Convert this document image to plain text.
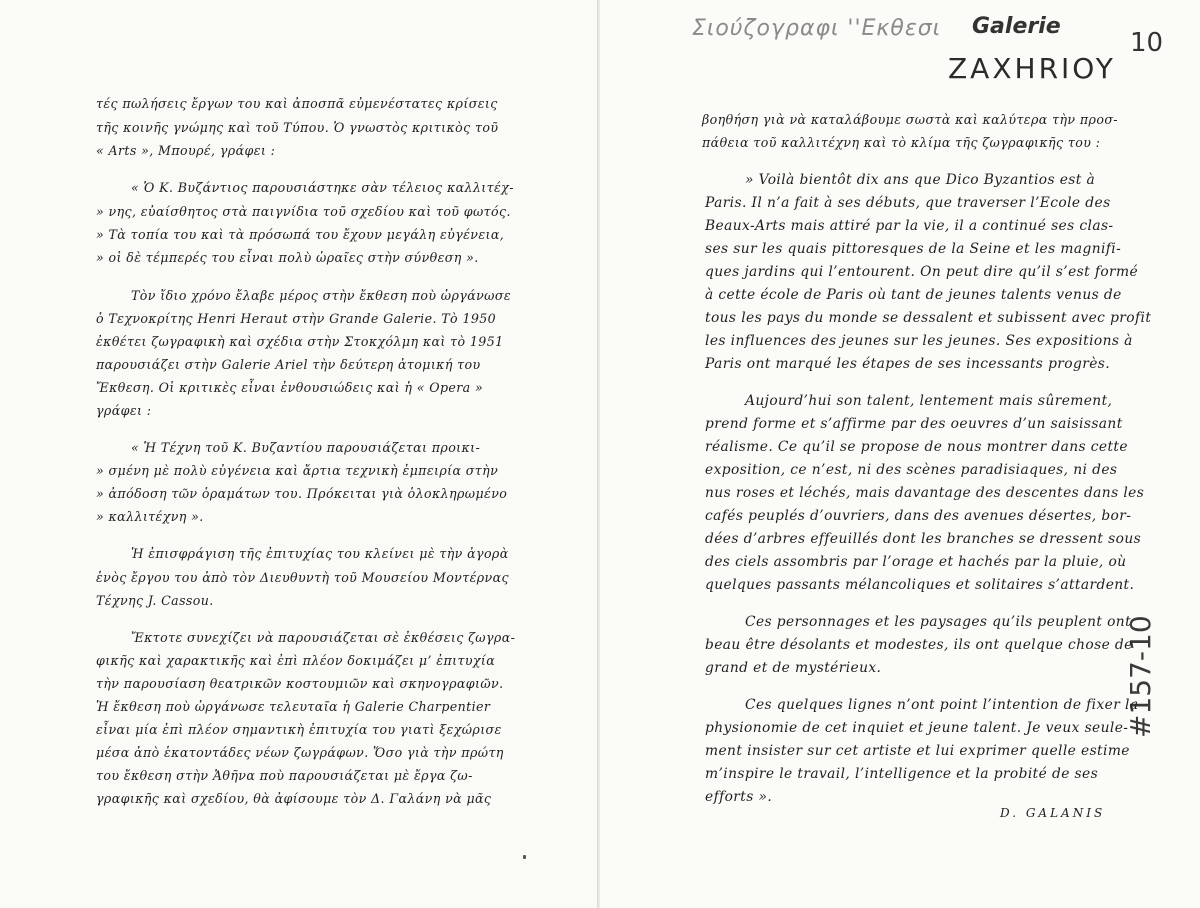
τές πωλήσεις ἔργων του καὶ ἀποσπᾶ εὐμενέστατες κρίσεις
τῆς κοινῆς γνώμης καὶ τοῦ Τύπου. Ὁ γνωστὸς κριτικὸς τοῦ
« Arts », Μπουρέ, γράφει :
« Ὁ Κ. Βυζάντιος παρουσιάστηκε σὰν τέλειος καλλιτέχ-
» νης, εὐαίσθητος στὰ παιγνίδια τοῦ σχεδίου καὶ τοῦ φωτός.
» Τὰ τοπία του καὶ τὰ πρόσωπά του ἔχουν μεγάλη εὐγένεια,
» οἱ δὲ τέμπερές του εἶναι πολὺ ὡραῖες στὴν σύνθεση ».
Τὸν ἴδιο χρόνο ἔλαβε μέρος στὴν ἔκθεση ποὺ ὠργάνωσε
ὁ Τεχνοκρίτης Henri Heraut στὴν Grande Galerie. Τὸ 1950
ἐκθέτει ζωγραφικὴ καὶ σχέδια στὴν Στοκχόλμη καὶ τὸ 1951
παρουσιάζει στὴν Galerie Ariel τὴν δεύτερη ἀτομική του
Ἔκθεση. Οἱ κριτικὲς εἶναι ἐνθουσιώδεις καὶ ἡ « Opera »
γράφει :
« Ἡ Τέχνη τοῦ Κ. Βυζαντίου παρουσιάζεται προικι-
» σμένη μὲ πολὺ εὐγένεια καὶ ἄρτια τεχνικὴ ἐμπειρία στὴν
» ἀπόδοση τῶν ὁραμάτων του. Πρόκειται γιὰ ὁλοκληρωμένο
» καλλιτέχνη ».
Ἡ ἐπισφράγιση τῆς ἐπιτυχίας του κλείνει μὲ τὴν ἀγορὰ
ἑνὸς ἔργου του ἀπὸ τὸν Διευθυντὴ τοῦ Μουσείου Μοντέρνας
Τέχνης J. Cassou.
Ἔκτοτε συνεχίζει νὰ παρουσιάζεται σὲ ἐκθέσεις ζωγρα-
φικῆς καὶ χαρακτικῆς καὶ ἐπὶ πλέον δοκιμάζει μ’ ἐπιτυχία
τὴν παρουσίαση θεατρικῶν κοστουμιῶν καὶ σκηνογραφιῶν.
Ἡ ἔκθεση ποὺ ὠργάνωσε τελευταῖα ἡ Galerie Charpentier
εἶναι μία ἐπὶ πλέον σημαντικὴ ἐπιτυχία του γιατὶ ξεχώρισε
μέσα ἀπὸ ἑκατοντάδες νέων ζωγράφων. Ὅσο γιὰ τὴν πρώτη
του ἔκθεση στὴν Ἀθῆνα ποὺ παρουσιάζεται μὲ ἔργα ζω-
γραφικῆς καὶ σχεδίου, θὰ ἀφίσουμε τὸν Δ. Γαλάνη νὰ μᾶς
Σιούζογραφι ''Εκθεσι Galerie
10
ZAXHRIOY
#157-10
βοηθήση γιὰ νὰ καταλάβουμε σωστὰ καὶ καλύτερα τὴν προσ-
πάθεια τοῦ καλλιτέχνη καὶ τὸ κλίμα τῆς ζωγραφικῆς του :
» Voilà bientôt dix ans que Dico Byzantios est à
Paris. Il n’a fait à ses débuts, que traverser l’Ecole des
Beaux-Arts mais attiré par la vie, il a continué ses clas-
ses sur les quais pittoresques de la Seine et les magnifi-
ques jardins qui l’entourent. On peut dire qu’il s’est formé
à cette école de Paris où tant de jeunes talents venus de
tous les pays du monde se dessalent et subissent avec profit
les influences des jeunes sur les jeunes. Ses expositions à
Paris ont marqué les étapes de ses incessants progrès.
Aujourd’hui son talent, lentement mais sûrement,
prend forme et s’affirme par des oeuvres d’un saisissant
réalisme. Ce qu’il se propose de nous montrer dans cette
exposition, ce n’est, ni des scènes paradisiaques, ni des
nus roses et léchés, mais davantage des descentes dans les
cafés peuplés d’ouvriers, dans des avenues désertes, bor-
dées d’arbres effeuillés dont les branches se dressent sous
des ciels assombris par l’orage et hachés par la pluie, où
quelques passants mélancoliques et solitaires s’attardent.
Ces personnages et les paysages qu’ils peuplent ont
beau être désolants et modestes, ils ont quelque chose de
grand et de mystérieux.
Ces quelques lignes n’ont point l’intention de fixer la
physionomie de cet inquiet et jeune talent. Je veux seule-
ment insister sur cet artiste et lui exprimer quelle estime
m’inspire le travail, l’intelligence et la probité de ses
efforts ».
D. GALANIS
